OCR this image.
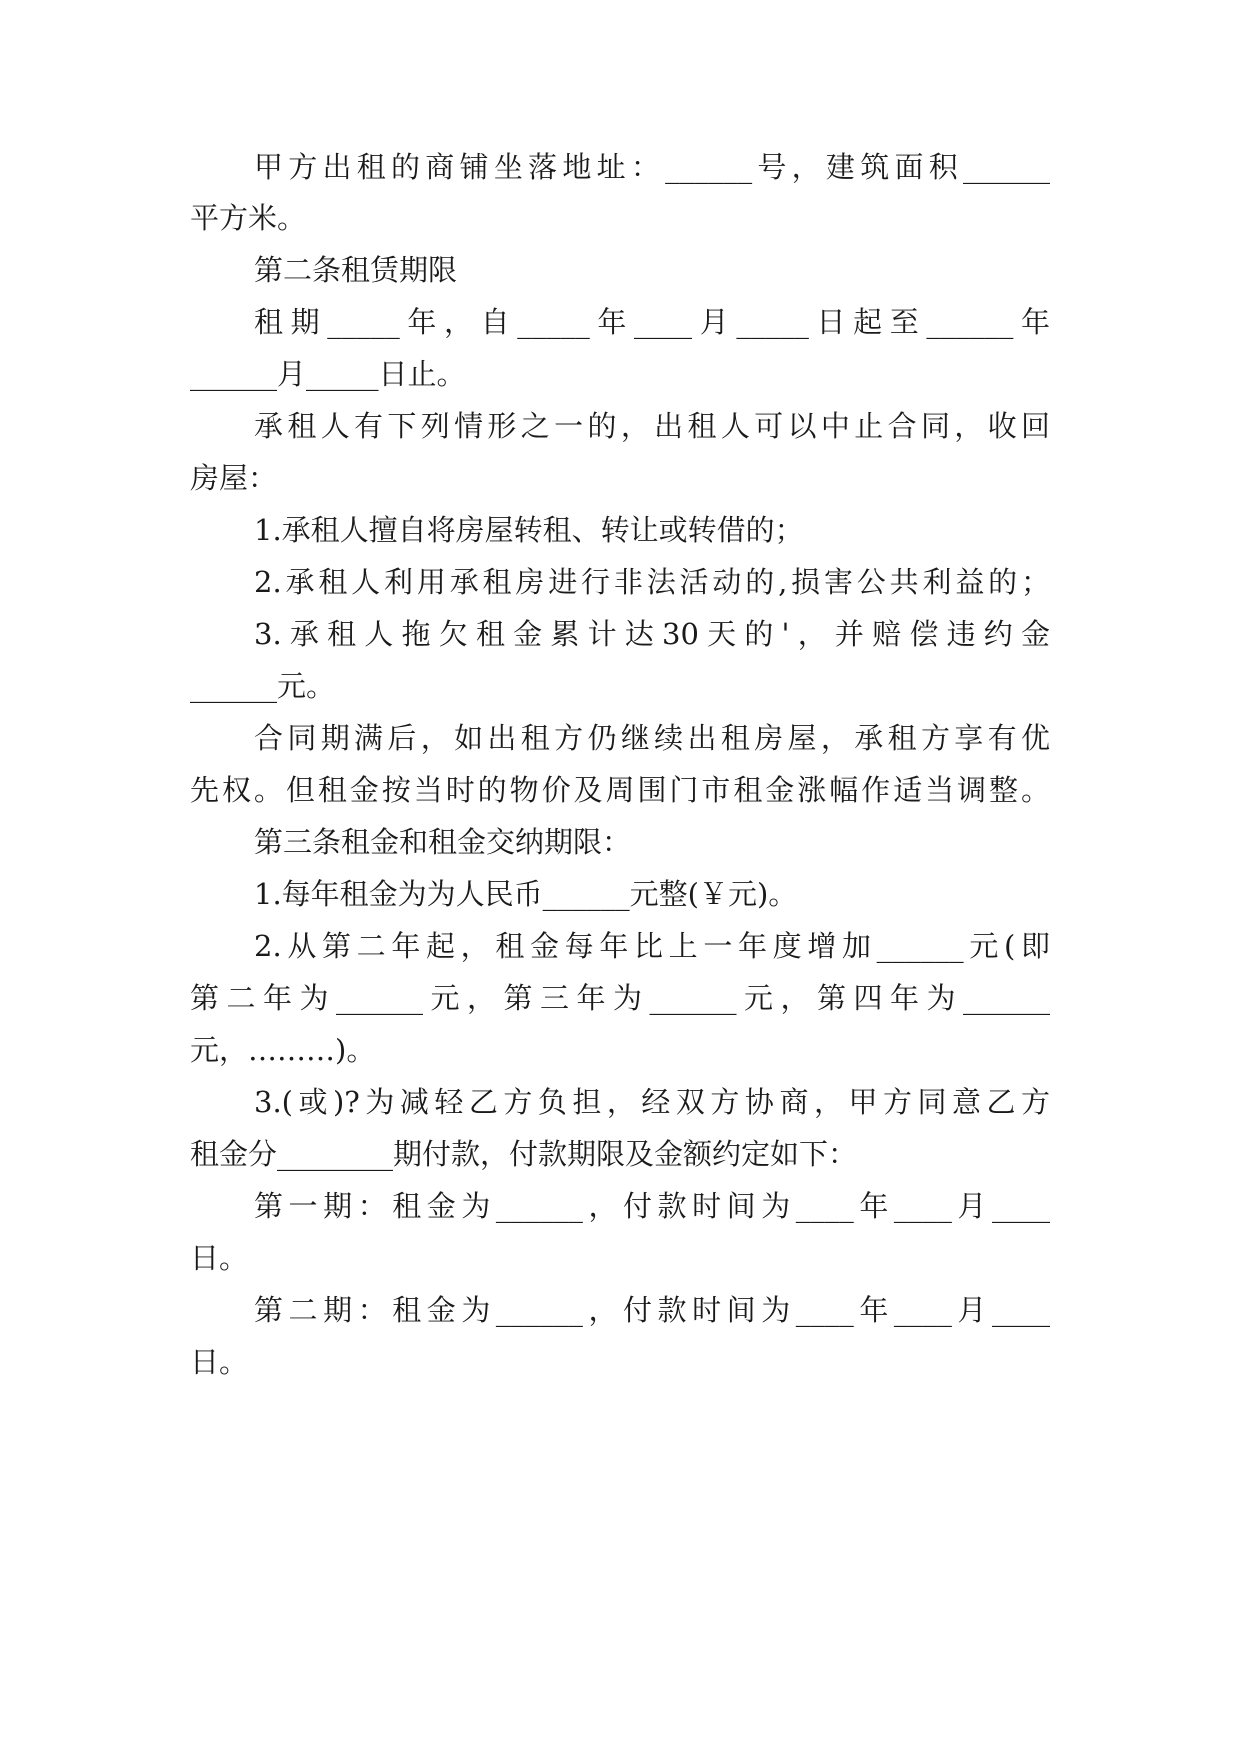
甲方出租的商铺坐落地址：______号，建筑面积______
平方米。
第二条租赁期限
租期_____年，自_____年____月_____日起至______年
______月_____日止。
承租人有下列情形之一的，出租人可以中止合同，收回
房屋：
1.承租人擅自将房屋转租、转让或转借的；
2.承租人利用承租房进行非法活动的,损害公共利益的；
3.承租人拖欠租金累计达30天的'，并赔偿违约金
______元。
合同期满后，如出租方仍继续出租房屋，承租方享有优
先权。但租金按当时的物价及周围门市租金涨幅作适当调整。
第三条租金和租金交纳期限：
1.每年租金为为人民币______元整(￥元)。
2.从第二年起，租金每年比上一年度增加______元(即
第二年为______元，第三年为______元，第四年为______
元，………)。
3.(或)?为减轻乙方负担，经双方协商，甲方同意乙方
租金分________期付款，付款期限及金额约定如下：
第一期：租金为______，付款时间为____年____月____
日。
第二期：租金为______，付款时间为____年____月____
日。
